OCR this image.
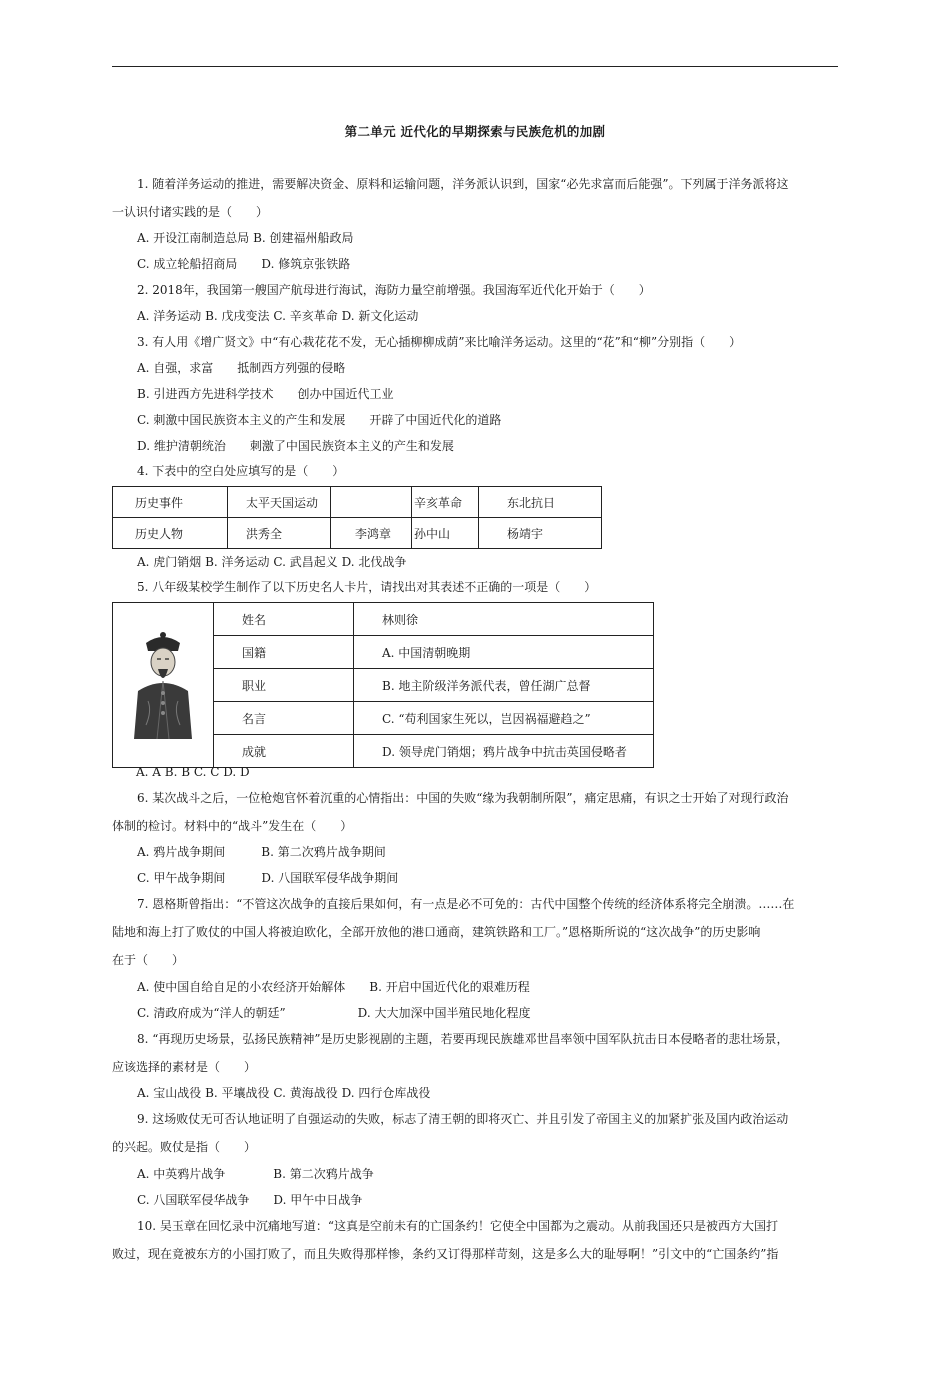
第二单元 近代化的早期探索与民族危机的加剧
1. 随着洋务运动的推进，需要解决资金、原料和运输问题，洋务派认识到，国家“必先求富而后能强”。下列属于洋务派将这
一认识付诸实践的是（　　）
A. 开设江南制造总局 B. 创建福州船政局
C. 成立轮船招商局　　D. 修筑京张铁路
2. 2018年，我国第一艘国产航母进行海试，海防力量空前增强。我国海军近代化开始于（　　）
A. 洋务运动 B. 戊戌变法 C. 辛亥革命 D. 新文化运动
3. 有人用《增广贤文》中“有心栽花花不发，无心插柳柳成荫”来比喻洋务运动。这里的“花”和“柳”分别指（　　）
A. 自强，求富　　抵制西方列强的侵略
B. 引进西方先进科学技术　　创办中国近代工业
C. 刺激中国民族资本主义的产生和发展　　开辟了中国近代化的道路
D. 维护清朝统治　　刺激了中国民族资本主义的产生和发展
4. 下表中的空白处应填写的是（　　）
历史事件	太平天国运动		辛亥革命	东北抗日
历史人物	洪秀全	李鸿章	孙中山	杨靖宇
A. 虎门销烟 B. 洋务运动 C. 武昌起义 D. 北伐战争
5. 八年级某校学生制作了以下历史名人卡片，请找出对其表述不正确的一项是（　　）
	姓名	林则徐
	国籍	A. 中国清朝晚期
	职业	B. 地主阶级洋务派代表，曾任湖广总督
	名言	C. “苟利国家生死以，岂因祸福避趋之”
	成就	D. 领导虎门销烟；鸦片战争中抗击英国侵略者
A. A B. B C. C D. D
6. 某次战斗之后，一位枪炮官怀着沉重的心情指出：中国的失败“缘为我朝制所限”，痛定思痛，有识之士开始了对现行政治
体制的检讨。材料中的“战斗”发生在（　　）
A. 鸦片战争期间　　　B. 第二次鸦片战争期间
C. 甲午战争期间　　　D. 八国联军侵华战争期间
7. 恩格斯曾指出：“不管这次战争的直接后果如何，有一点是必不可免的：古代中国整个传统的经济体系将完全崩溃。……在
陆地和海上打了败仗的中国人将被迫欧化，全部开放他的港口通商，建筑铁路和工厂。”恩格斯所说的“这次战争”的历史影响
在于（　　）
A. 使中国自给自足的小农经济开始解体　　B. 开启中国近代化的艰难历程
C. 清政府成为“洋人的朝廷”　　　　　　D. 大大加深中国半殖民地化程度
8. “再现历史场景，弘扬民族精神”是历史影视剧的主题，若要再现民族雄邓世昌率领中国军队抗击日本侵略者的悲壮场景，
应该选择的素材是（　　）
A. 宝山战役 B. 平壤战役 C. 黄海战役 D. 四行仓库战役
9. 这场败仗无可否认地证明了自强运动的失败，标志了清王朝的即将灭亡、并且引发了帝国主义的加紧扩张及国内政治运动
的兴起。败仗是指（　　）
A. 中英鸦片战争　　　　B. 第二次鸦片战争
C. 八国联军侵华战争　　D. 甲午中日战争
10. 吴玉章在回忆录中沉痛地写道：“这真是空前未有的亡国条约！它使全中国都为之震动。从前我国还只是被西方大国打
败过，现在竟被东方的小国打败了，而且失败得那样惨，条约又订得那样苛刻，这是多么大的耻辱啊！”引文中的“亡国条约”指
